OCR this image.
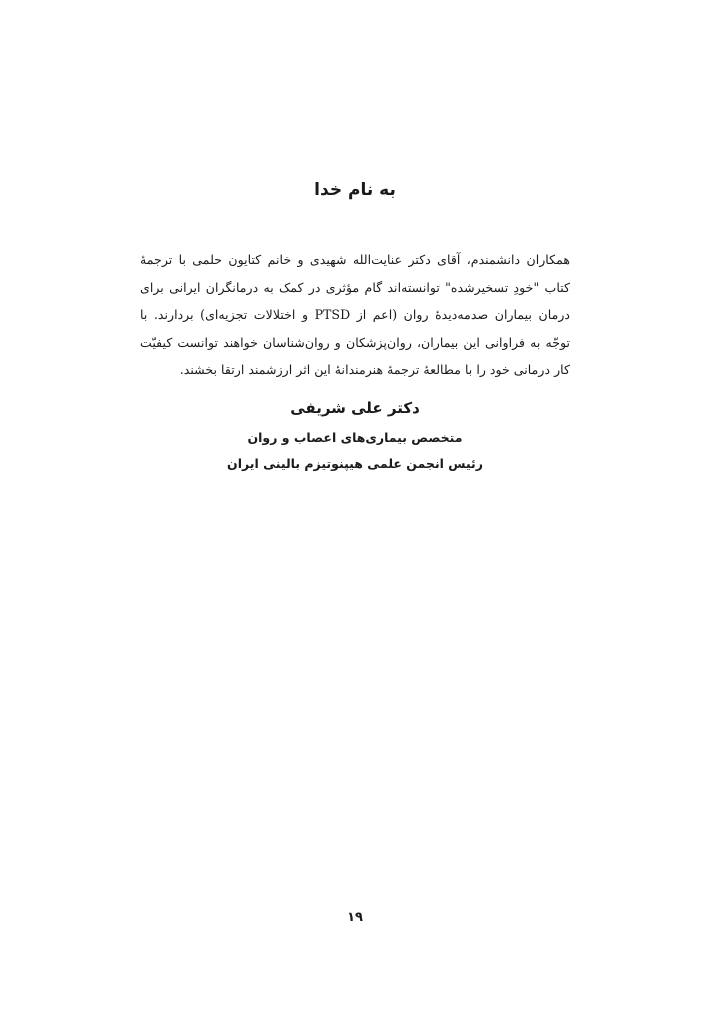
به نام خدا

همکاران دانشمندم، آقای دکتر عنایت‌الله شهیدی و خانم کتایون حلمی با ترجمهٔ کتاب "خودِ تسخیرشده" توانسته‌اند گام مؤثری در کمک به درمانگران ایرانی برای درمان بیماران صدمه‌دیدهٔ روان (اعم از PTSD و اختلالات تجزیه‌ای) بردارند. با توجّه به فراوانی این بیماران، روان‌پزشکان و روان‌شناسان خواهند توانست کیفیّت کار درمانی خود را با مطالعهٔ ترجمهٔ هنرمندانهٔ این اثر ارزشمند ارتقا بخشند.

دکتر علی شریفی
متخصص بیماری‌های اعصاب و روان
رئیس انجمن علمی هیپنوتیزم بالینی ایران
۱۹
